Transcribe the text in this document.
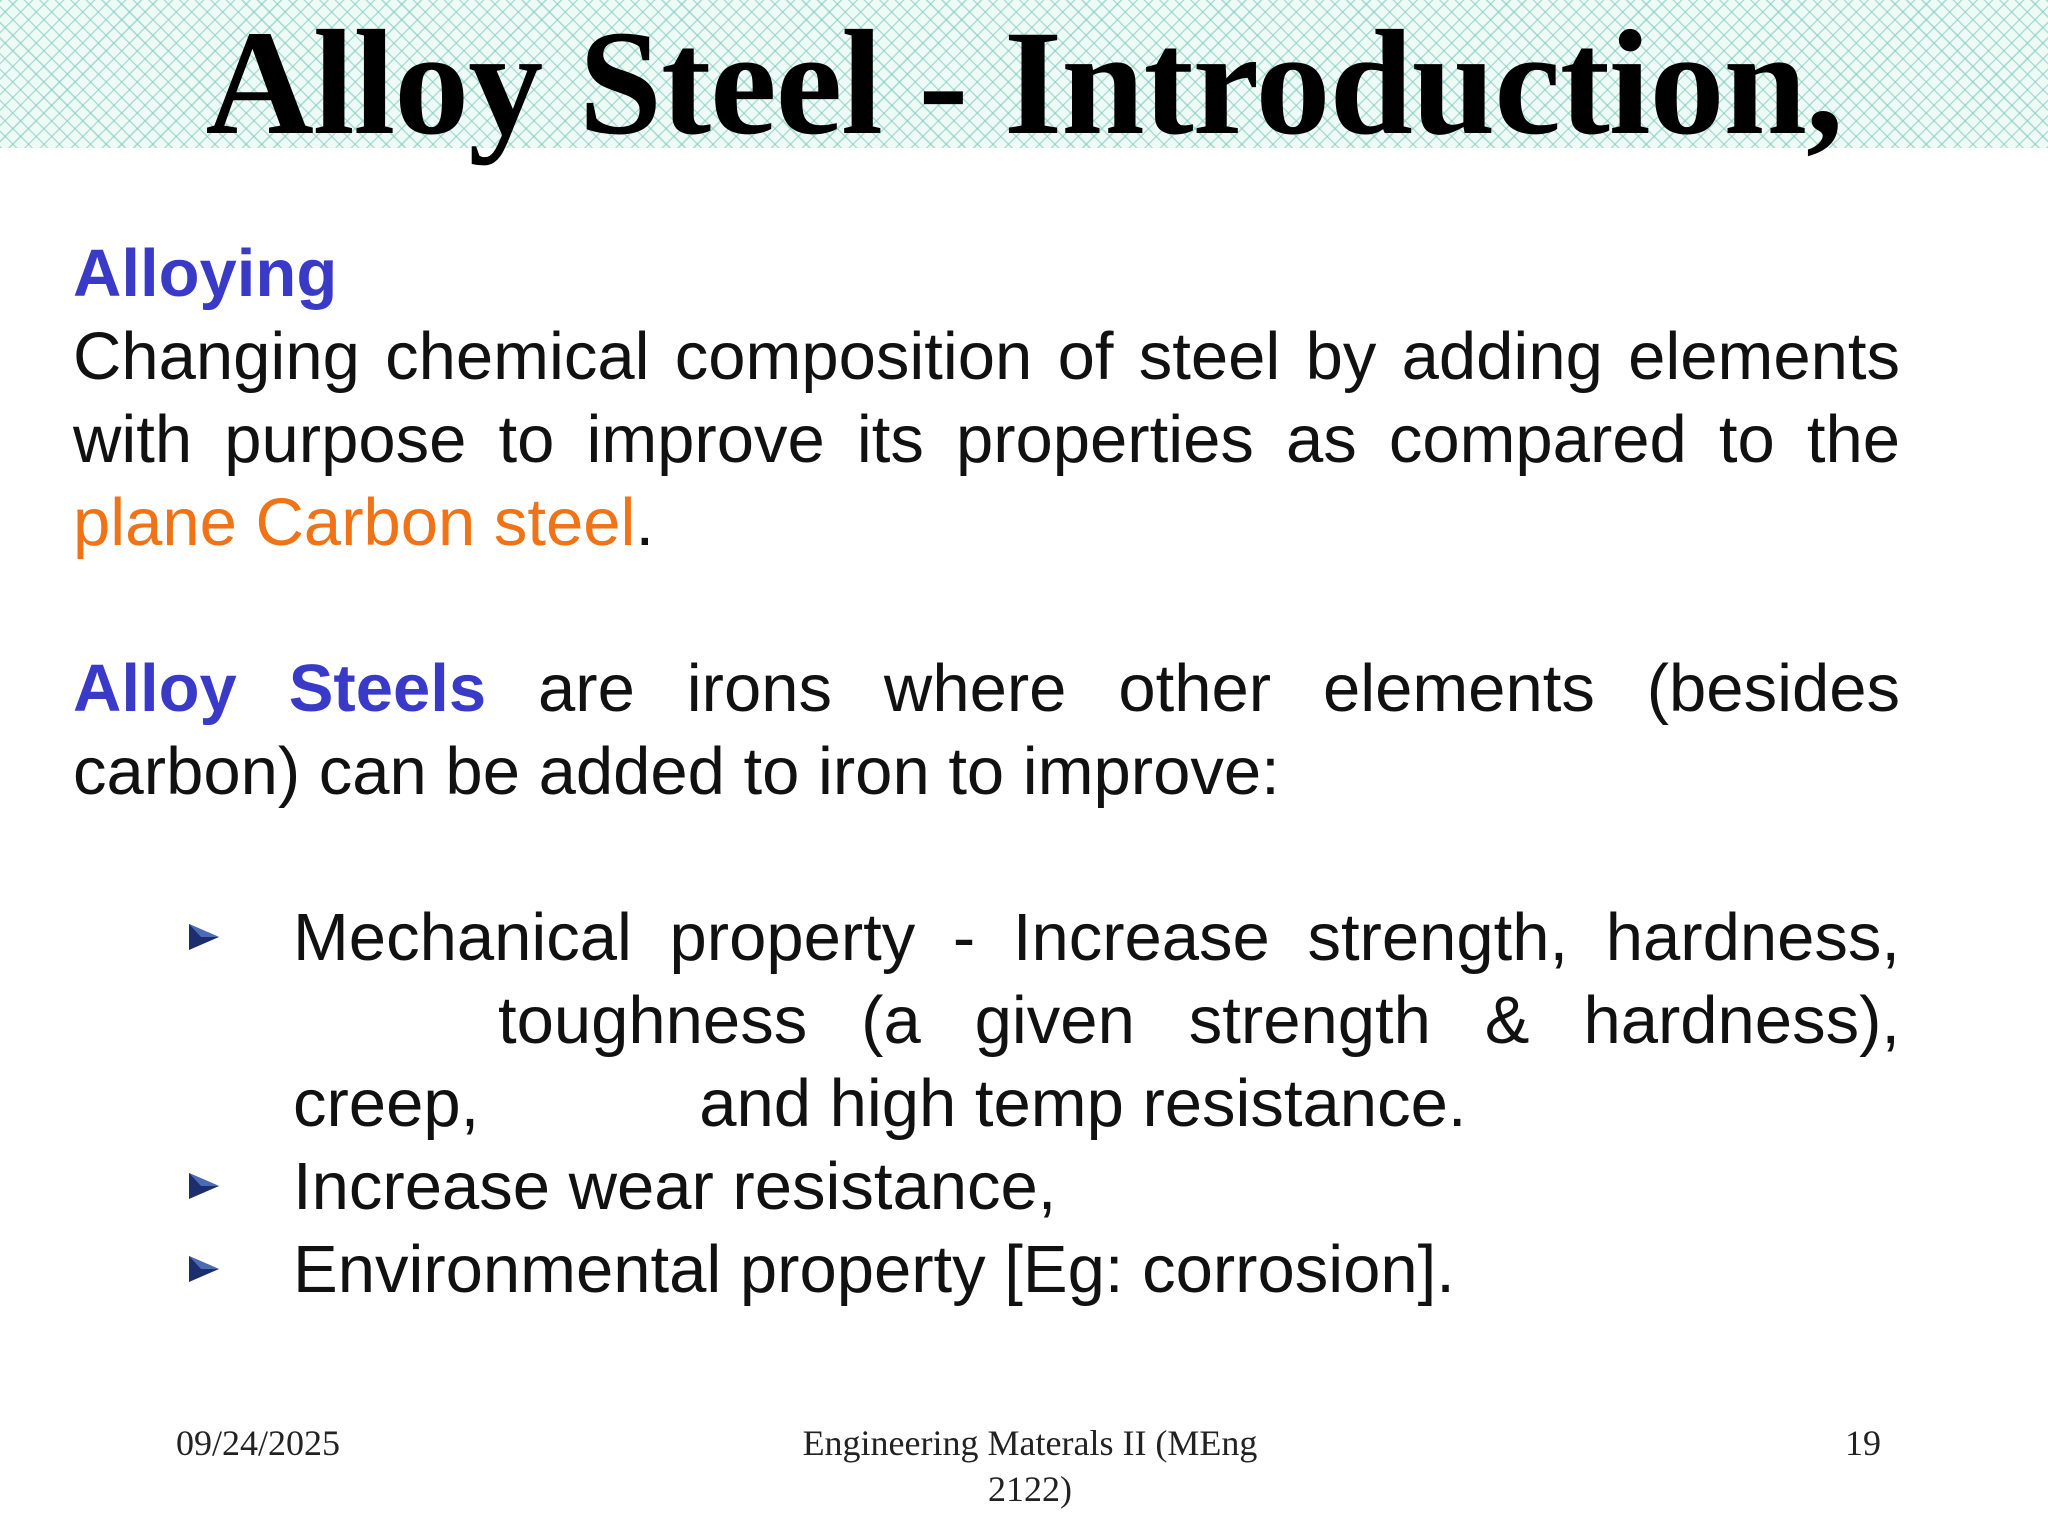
Alloy Steel - Introduction,

Alloying

Changing chemical composition of steel by adding elements

with purpose to improve its properties as compared to the

plane Carbon steel.

Alloy Steels are irons where other elements (besides

carbon) can be added to iron to improve:

Mechanical property - Increase strength, hardness,
toughness (a given strength & hardness),
creep,	and high temp resistance.
Increase wear resistance,
Environmental property [Eg: corrosion].
09/24/2025	Engineering Materals II (MEng
2122)
19
